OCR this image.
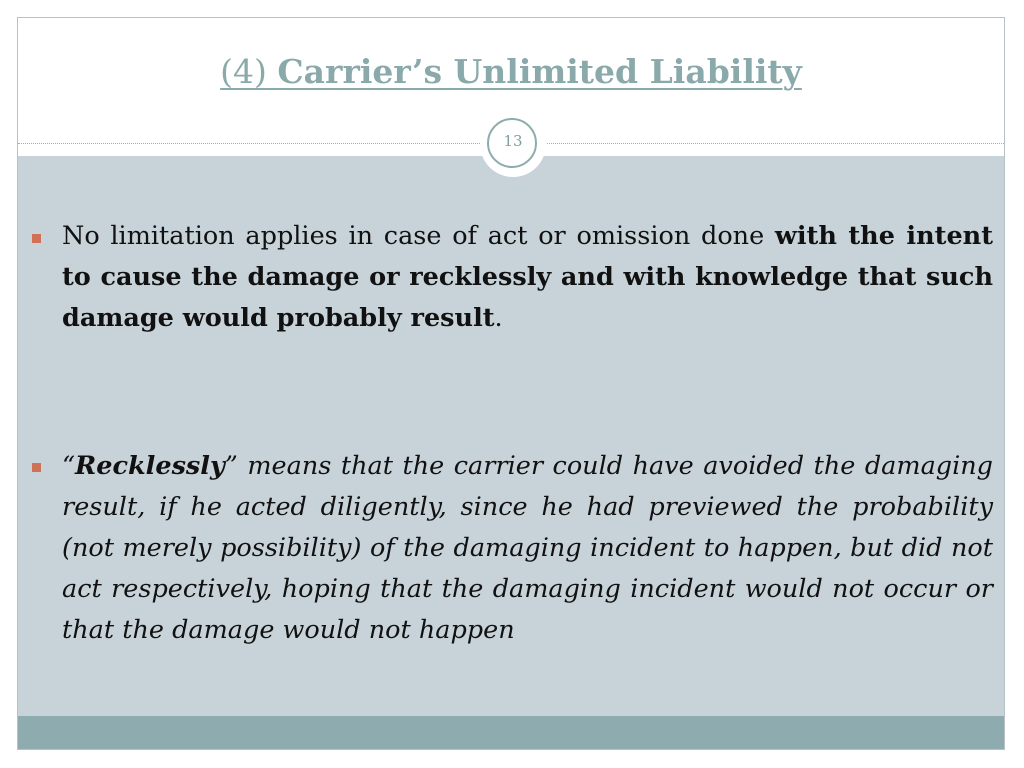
(4) Carrier’s Unlimited Liability
13
No limitation applies in case of act or omission done with the intent to cause the damage or recklessly and with knowledge that such damage would probably result.
“Recklessly” means that the carrier could have avoided the damaging result, if he acted diligently, since he had previewed the probability (not merely possibility) of the damaging incident to happen, but did not act respectively, hoping that the damaging incident would not occur or that the damage would not happen
